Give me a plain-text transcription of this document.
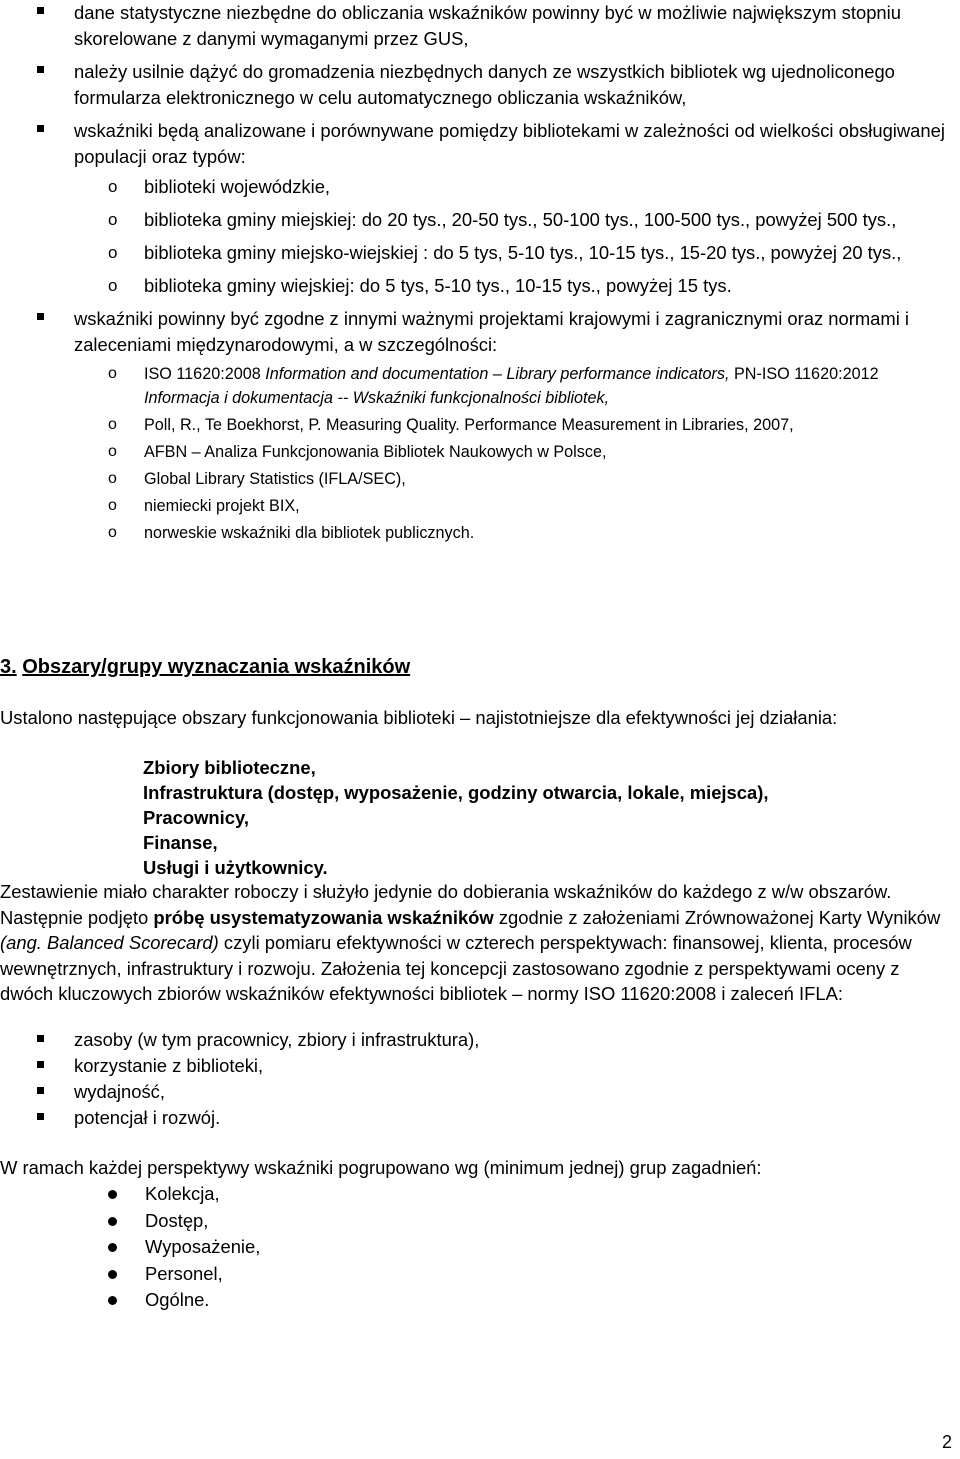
dane statystyczne niezbędne do obliczania wskaźników powinny być w możliwie największym stopniu skorelowane z danymi wymaganymi przez GUS,
należy usilnie dążyć do gromadzenia niezbędnych danych ze wszystkich bibliotek wg ujednoliconego formularza elektronicznego w celu automatycznego obliczania wskaźników,
wskaźniki będą analizowane i porównywane pomiędzy bibliotekami w zależności od wielkości obsługiwanej populacji oraz typów:
o biblioteki wojewódzkie,
o biblioteka gminy miejskiej: do 20 tys., 20-50 tys., 50-100 tys., 100-500 tys., powyżej 500 tys.,
o biblioteka gminy miejsko-wiejskiej : do 5 tys, 5-10 tys., 10-15 tys., 15-20 tys., powyżej 20 tys.,
o biblioteka gminy wiejskiej: do 5 tys, 5-10 tys., 10-15 tys., powyżej 15 tys.
wskaźniki powinny być zgodne z innymi ważnymi projektami krajowymi i zagranicznymi oraz normami i zaleceniami międzynarodowymi, a w szczególności:
o ISO 11620:2008 Information and documentation – Library performance indicators, PN-ISO 11620:2012 Informacja i dokumentacja -- Wskaźniki funkcjonalności bibliotek,
o Poll, R., Te Boekhorst, P. Measuring Quality. Performance Measurement in Libraries, 2007,
o AFBN – Analiza Funkcjonowania Bibliotek Naukowych w Polsce,
o Global Library Statistics (IFLA/SEC),
o niemiecki projekt BIX,
o norweskie wskaźniki dla bibliotek publicznych.
3. Obszary/grupy wyznaczania wskaźników

Ustalono następujące obszary funkcjonowania biblioteki – najistotniejsze dla efektywności jej działania:

Zbiory biblioteczne,
Infrastruktura (dostęp, wyposażenie, godziny otwarcia, lokale, miejsca),
Pracownicy,
Finanse,
Usługi i użytkownicy.

Zestawienie miało charakter roboczy i służyło jedynie do dobierania wskaźników do każdego z w/w obszarów. Następnie podjęto próbę usystematyzowania wskaźników zgodnie z założeniami Zrównoważonej Karty Wyników (ang. Balanced Scorecard) czyli pomiaru efektywności w czterech perspektywach: finansowej, klienta, procesów wewnętrznych, infrastruktury i rozwoju. Założenia tej koncepcji zastosowano zgodnie z perspektywami oceny z dwóch kluczowych zbiorów wskaźników efektywności bibliotek – normy ISO 11620:2008 i zaleceń IFLA:

zasoby (w tym pracownicy, zbiory i infrastruktura),
korzystanie z biblioteki,
wydajność,
potencjał i rozwój.

W ramach każdej perspektywy wskaźniki pogrupowano wg (minimum jednej) grup zagadnień:

Kolekcja,
Dostęp,
Wyposażenie,
Personel,
Ogólne.
2
